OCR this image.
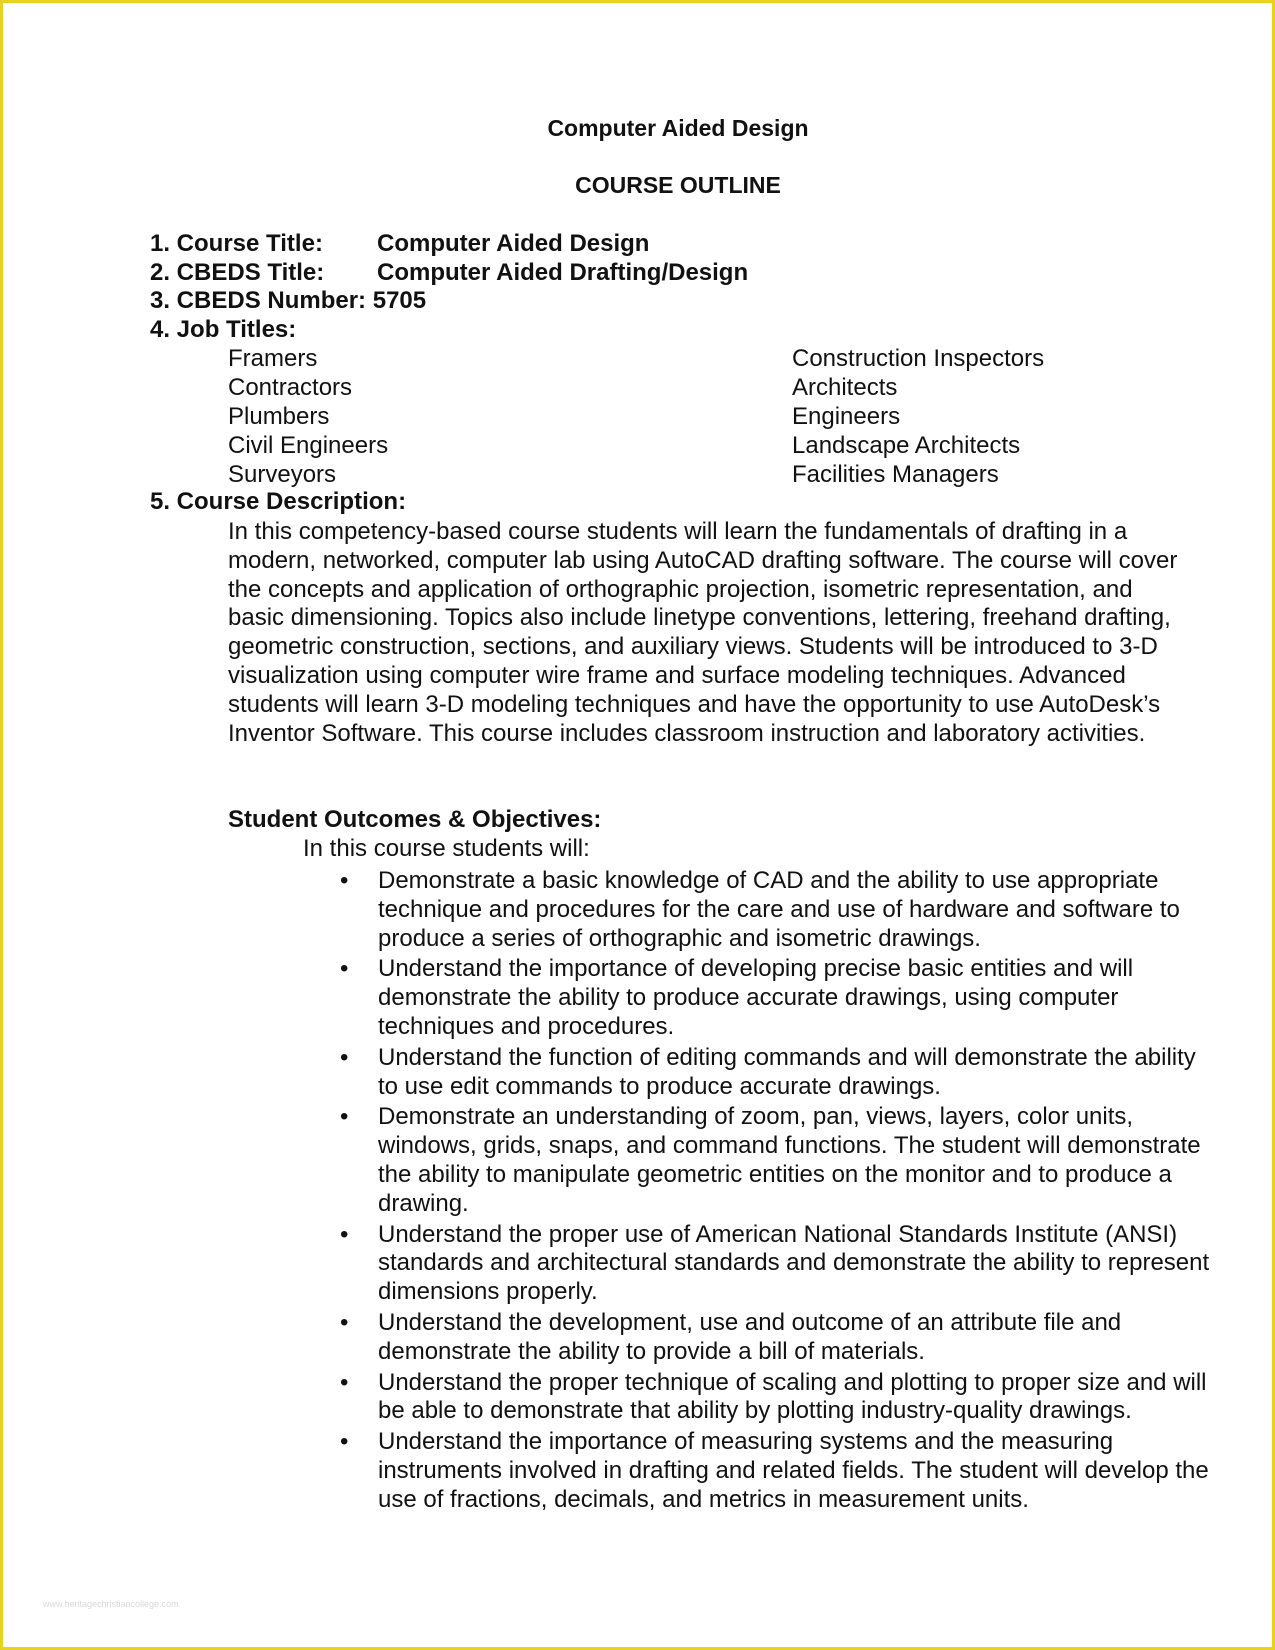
Computer Aided Design
COURSE OUTLINE
1. Course Title: Computer Aided Design
2. CBEDS Title: Computer Aided Drafting/Design
3. CBEDS Number: 5705
4. Job Titles:
Framers
Contractors
Plumbers
Civil Engineers
Surveyors
Construction Inspectors
Architects
Engineers
Landscape Architects
Facilities Managers
5. Course Description:
In this competency-based course students will learn the fundamentals of drafting in a modern, networked, computer lab using AutoCAD drafting software. The course will cover the concepts and application of orthographic projection, isometric representation, and basic dimensioning. Topics also include linetype conventions, lettering, freehand drafting, geometric construction, sections, and auxiliary views. Students will be introduced to 3-D visualization using computer wire frame and surface modeling techniques. Advanced students will learn 3-D modeling techniques and have the opportunity to use AutoDesk’s Inventor Software. This course includes classroom instruction and laboratory activities.
Student Outcomes & Objectives:
In this course students will:
• Demonstrate a basic knowledge of CAD and the ability to use appropriate technique and procedures for the care and use of hardware and software to produce a series of orthographic and isometric drawings.
• Understand the importance of developing precise basic entities and will demonstrate the ability to produce accurate drawings, using computer techniques and procedures.
• Understand the function of editing commands and will demonstrate the ability to use edit commands to produce accurate drawings.
• Demonstrate an understanding of zoom, pan, views, layers, color units, windows, grids, snaps, and command functions. The student will demonstrate the ability to manipulate geometric entities on the monitor and to produce a drawing.
• Understand the proper use of American National Standards Institute (ANSI) standards and architectural standards and demonstrate the ability to represent dimensions properly.
• Understand the development, use and outcome of an attribute file and demonstrate the ability to provide a bill of materials.
• Understand the proper technique of scaling and plotting to proper size and will be able to demonstrate that ability by plotting industry-quality drawings.
• Understand the importance of measuring systems and the measuring instruments involved in drafting and related fields. The student will develop the use of fractions, decimals, and metrics in measurement units.
www.heritagechristiancollege.com
